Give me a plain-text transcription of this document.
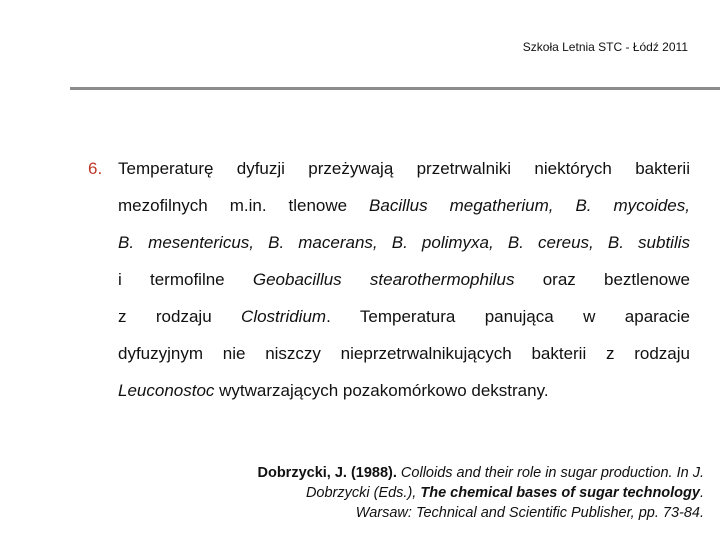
Szkoła Letnia STC - Łódź 2011
6. Temperaturę dyfuzji przeżywają przetrwalniki niektórych bakterii
mezofilnych m.in. tlenowe Bacillus megatherium, B. mycoides,
B. mesentericus, B. macerans, B. polimyxa, B. cereus, B. subtilis
i termofilne Geobacillus stearothermophilus oraz beztlenowe
z rodzaju Clostridium. Temperatura panująca w aparacie
dyfuzyjnym nie niszczy nieprzetrwalnikujących bakterii z rodzaju
Leuconostoc wytwarzających pozakomórkowo dekstrany.
Dobrzycki, J. (1988). Colloids and their role in sugar production. In J.
Dobrzycki (Eds.), The chemical bases of sugar technology.
Warsaw: Technical and Scientific Publisher, pp. 73-84.
